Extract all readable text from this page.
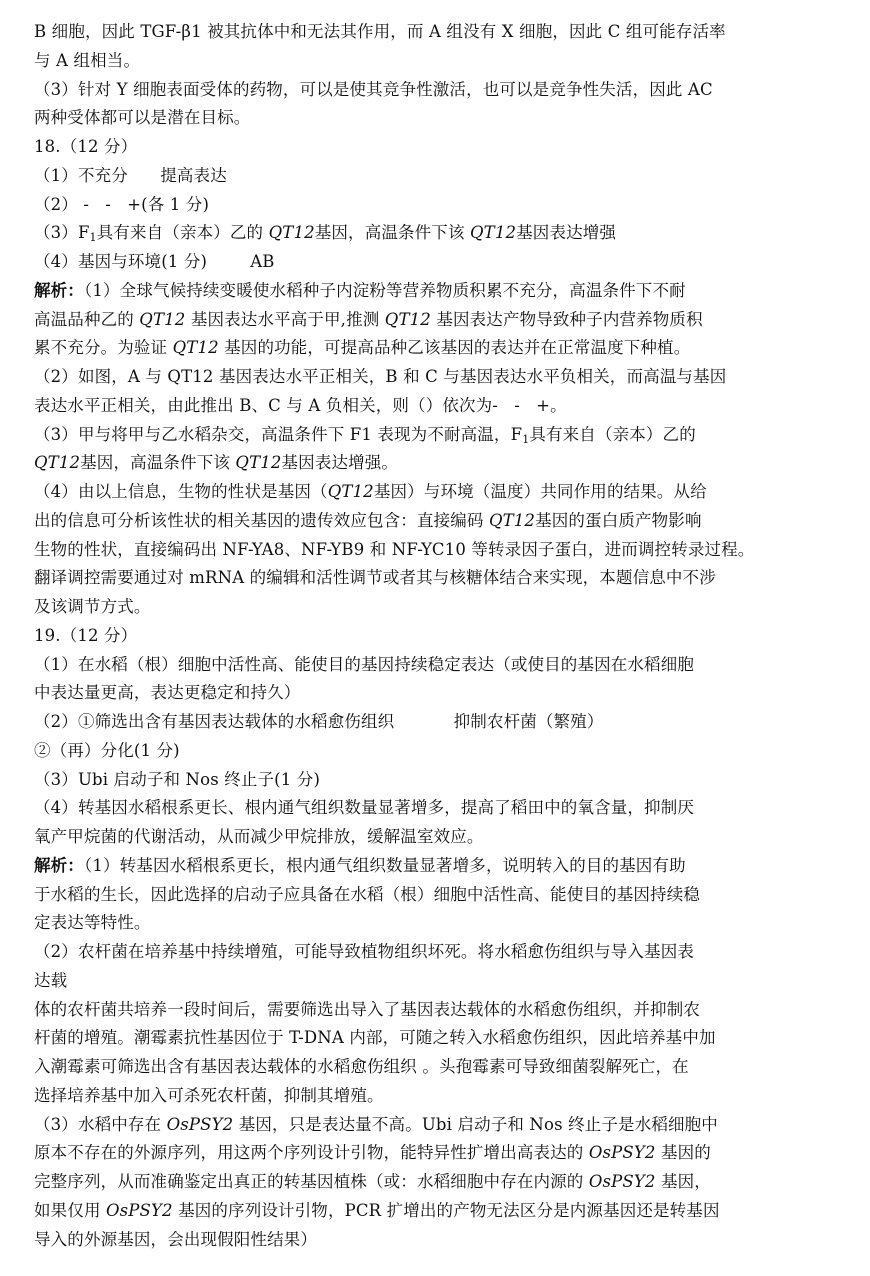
B 细胞，因此 TGF-β1 被其抗体中和无法其作用，而 A 组没有 X 细胞，因此 C 组可能存活率
与 A 组相当。
（3）针对 Y 细胞表面受体的药物，可以是使其竞争性激活，也可以是竞争性失活，因此 AC
两种受体都可以是潜在目标。
18.（12 分）
（1）不充分      提高表达
（2） -   -   +(各 1 分)
$(3)F_1$具有来自（亲本）乙的 QT12基因，高温条件下该 QT12基因表达增强
（4）基因与环境(1 分)        AB
解析：（1）全球气候持续变暖使水稻种子内淀粉等营养物质积累不充分，高温条件下不耐
高温品种乙的 QT12 基因表达水平高于甲,推测 QT12 基因表达产物导致种子内营养物质积
累不充分。为验证 QT12 基因的功能，可提高品种乙该基因的表达并在正常温度下种植。
（2）如图，A 与 QT12 基因表达水平正相关，B 和 C 与基因表达水平负相关，而高温与基因
表达水平正相关，由此推出 B、C 与 A 负相关，则（）依次为-   -   +。
（3）甲与将甲与乙水稻杂交，高温条件下 F1 表现为不耐高温，$F_1$具有来自（亲本）乙的
QT12基因，高温条件下该 QT12基因表达增强。
（4）由以上信息，生物的性状是基因（QT12基因）与环境（温度）共同作用的结果。从给
出的信息可分析该性状的相关基因的遗传效应包含：直接编码 QT12基因的蛋白质产物影响
生物的性状，直接编码出 NF-YA8、NF-YB9 和 NF-YC10 等转录因子蛋白，进而调控转录过程。
翻译调控需要通过对 mRNA 的编辑和活性调节或者其与核糖体结合来实现，本题信息中不涉
及该调节方式。
19.（12 分）
（1）在水稻（根）细胞中活性高、能使目的基因持续稳定表达（或使目的基因在水稻细胞
中表达量更高，表达更稳定和持久）
（2）①筛选出含有基因表达载体的水稻愈伤组织           抑制农杆菌（繁殖）
②（再）分化(1 分)
（3）Ubi 启动子和 Nos 终止子(1 分)
（4）转基因水稻根系更长、根内通气组织数量显著增多，提高了稻田中的氧含量，抑制厌
氧产甲烷菌的代谢活动，从而减少甲烷排放，缓解温室效应。
解析：（1）转基因水稻根系更长，根内通气组织数量显著增多，说明转入的目的基因有助
于水稻的生长，因此选择的启动子应具备在水稻（根）细胞中活性高、能使目的基因持续稳
定表达等特性。
（2）农杆菌在培养基中持续增殖，可能导致植物组织坏死。将水稻愈伤组织与导入基因表
达载
体的农杆菌共培养一段时间后，需要筛选出导入了基因表达载体的水稻愈伤组织，并抑制农
杆菌的增殖。潮霉素抗性基因位于 T-DNA 内部，可随之转入水稻愈伤组织，因此培养基中加
入潮霉素可筛选出含有基因表达载体的水稻愈伤组织 。头孢霉素可导致细菌裂解死亡，在
选择培养基中加入可杀死农杆菌，抑制其增殖。
（3）水稻中存在 OsPSY2 基因，只是表达量不高。Ubi 启动子和 Nos 终止子是水稻细胞中
原本不存在的外源序列，用这两个序列设计引物，能特异性扩增出高表达的 OsPSY2 基因的
完整序列，从而准确鉴定出真正的转基因植株（或：水稻细胞中存在内源的 OsPSY2 基因，
如果仅用 OsPSY2 基因的序列设计引物，PCR 扩增出的产物无法区分是内源基因还是转基因
导入的外源基因，会出现假阳性结果）
